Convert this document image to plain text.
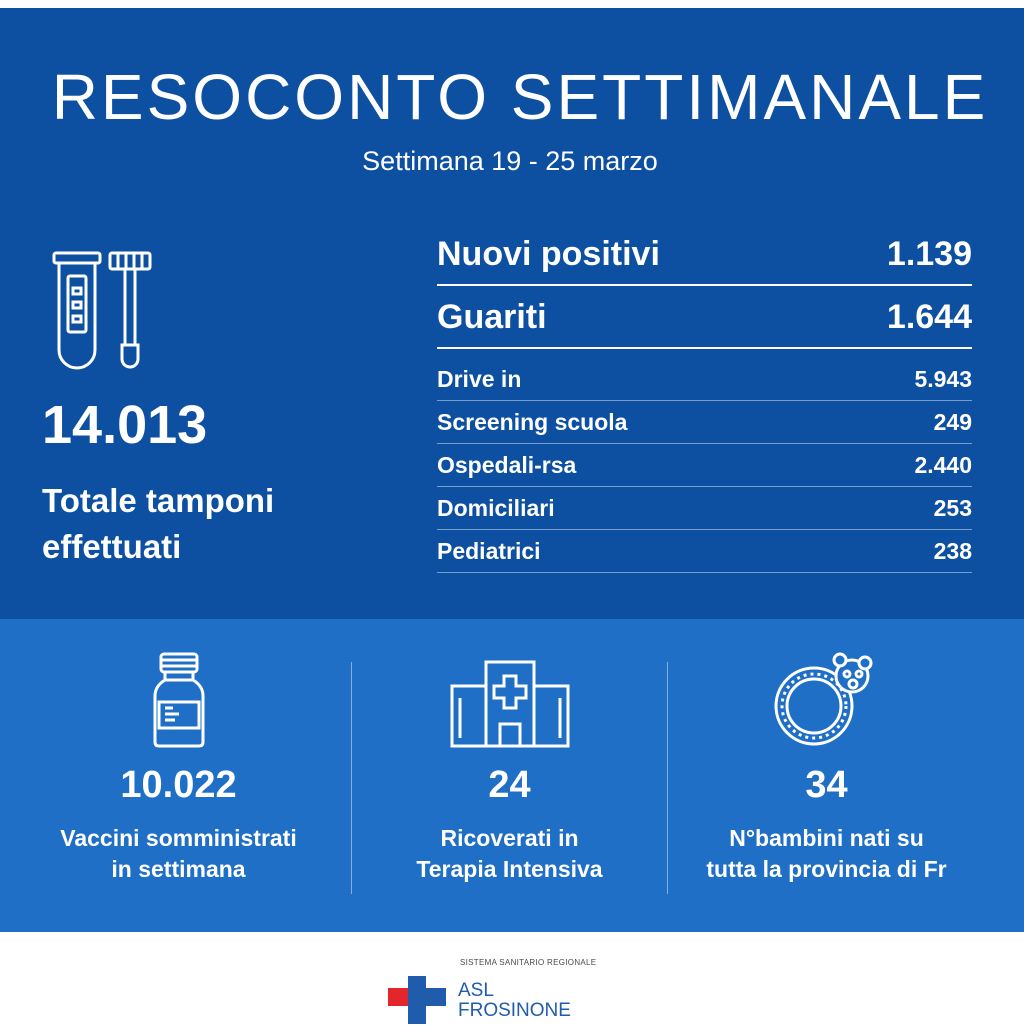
RESOCONTO SETTIMANALE
Settimana 19 - 25 marzo
14.013
Totale tamponi effettuati
Nuovi positivi	1.139
Guariti	1.644
Drive in	5.943
Screening scuola	249
Ospedali-rsa	2.440
Domiciliari	253
Pediatrici	238
10.022
Vaccini somministrati
in settimana
24
Ricoverati in
Terapia Intensiva
34
N°bambini nati su
tutta la provincia di Fr
SISTEMA SANITARIO REGIONALE
ASL
FROSINONE
